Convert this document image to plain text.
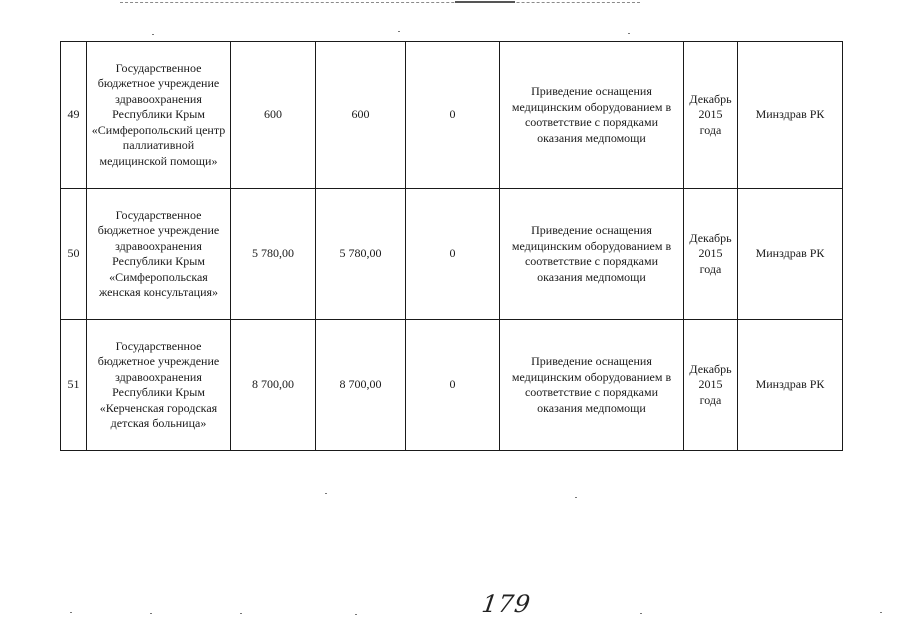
49	Государственное бюджетное учреждение здравоохранения Республики Крым «Симферопольский центр паллиативной медицинской помощи»	600	600	0	Приведение оснащения медицинским оборудованием в соответствие с порядками оказания медпомощи	Декабрь 2015 года	Минздрав РК
50	Государственное бюджетное учреждение здравоохранения Республики Крым «Симферопольская женская консультация»	5 780,00	5 780,00	0	Приведение оснащения медицинским оборудованием в соответствие с порядками оказания медпомощи	Декабрь 2015 года	Минздрав РК
51	Государственное бюджетное учреждение здравоохранения Республики Крым «Керченская городская детская больница»	8 700,00	8 700,00	0	Приведение оснащения медицинским оборудованием в соответствие с порядками оказания медпомощи	Декабрь 2015 года	Минздрав РК
179
